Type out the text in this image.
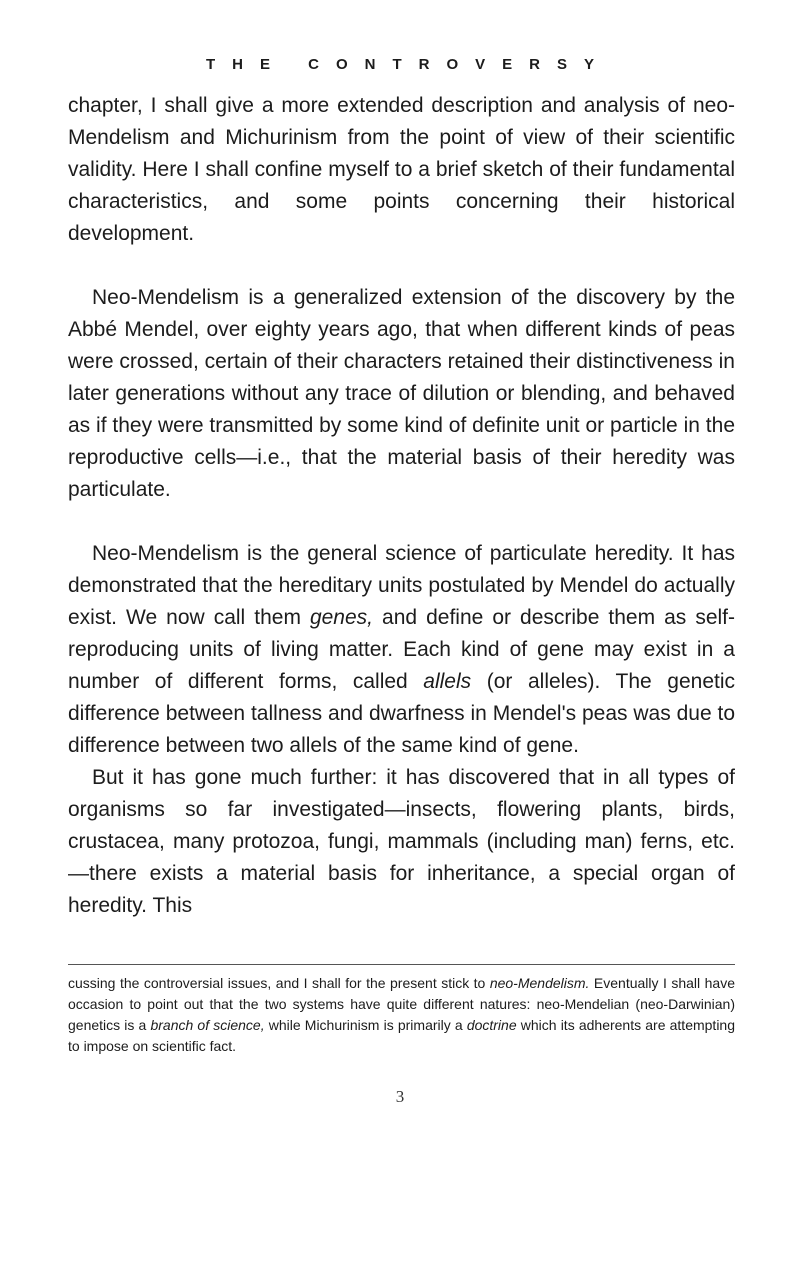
THE CONTROVERSY

chapter, I shall give a more extended description and analysis of neo-Mendelism and Michurinism from the point of view of their scientific validity. Here I shall confine myself to a brief sketch of their fundamental characteristics, and some points concerning their historical development.

Neo-Mendelism is a generalized extension of the discovery by the Abbé Mendel, over eighty years ago, that when different kinds of peas were crossed, certain of their characters retained their distinctiveness in later generations without any trace of dilution or blending, and behaved as if they were transmitted by some kind of definite unit or particle in the reproductive cells—i.e., that the material basis of their heredity was particulate.

Neo-Mendelism is the general science of particulate heredity. It has demonstrated that the hereditary units postulated by Mendel do actually exist. We now call them genes, and define or describe them as self-reproducing units of living matter. Each kind of gene may exist in a number of different forms, called allels (or alleles). The genetic difference between tallness and dwarfness in Mendel's peas was due to difference between two allels of the same kind of gene.

But it has gone much further: it has discovered that in all types of organisms so far investigated—insects, flowering plants, birds, crustacea, many protozoa, fungi, mammals (including man) ferns, etc.—there exists a material basis for inheritance, a special organ of heredity. This

cussing the controversial issues, and I shall for the present stick to neo-Mendelism. Eventually I shall have occasion to point out that the two systems have quite different natures: neo-Mendelian (neo-Darwinian) genetics is a branch of science, while Michurinism is primarily a doctrine which its adherents are attempting to impose on scientific fact.

3
